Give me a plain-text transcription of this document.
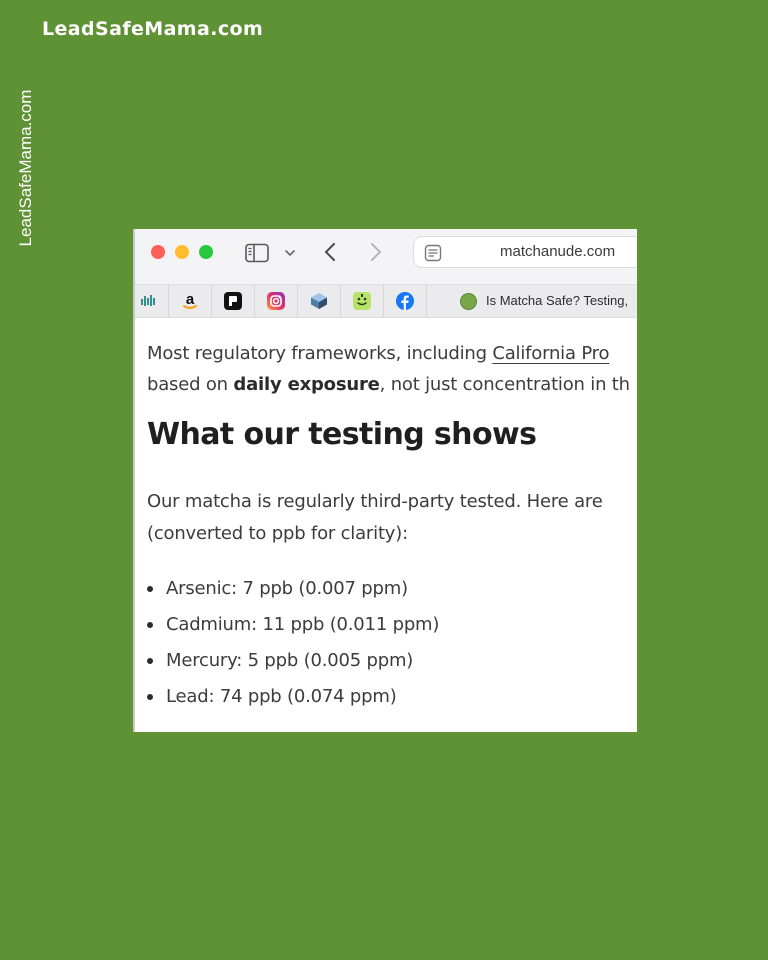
LeadSafeMama.com
LeadSafeMama.com
matchanude.com
a	Is Matcha Safe? Testing,
Most regulatory frameworks, including California Pro
based on daily exposure, not just concentration in th
What our testing shows
Our matcha is regularly third-party tested. Here are
(converted to ppb for clarity):
Arsenic: 7 ppb (0.007 ppm)
Cadmium: 11 ppb (0.011 ppm)
Mercury: 5 ppb (0.005 ppm)
Lead: 74 ppb (0.074 ppm)
